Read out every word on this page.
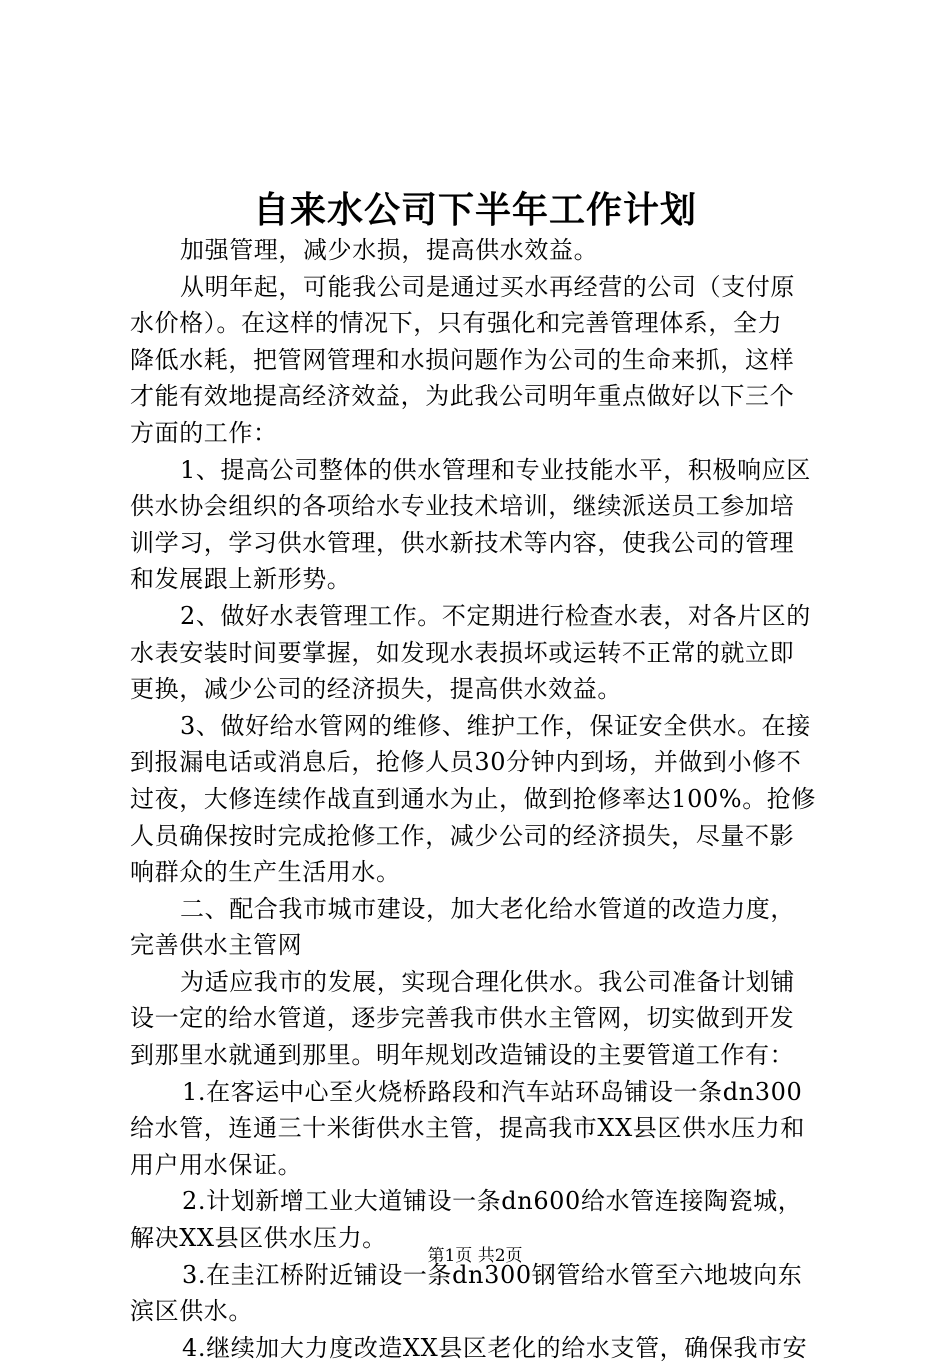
自来水公司下半年工作计划
加强管理，减少水损，提高供水效益。
从明年起，可能我公司是通过买水再经营的公司（支付原
水价格）。在这样的情况下，只有强化和完善管理体系，全力
降低水耗，把管网管理和水损问题作为公司的生命来抓，这样
才能有效地提高经济效益，为此我公司明年重点做好以下三个
方面的工作：
1、提高公司整体的供水管理和专业技能水平，积极响应区
供水协会组织的各项给水专业技术培训，继续派送员工参加培
训学习，学习供水管理，供水新技术等内容，使我公司的管理
和发展跟上新形势。
2、做好水表管理工作。不定期进行检查水表，对各片区的
水表安装时间要掌握，如发现水表损坏或运转不正常的就立即
更换，减少公司的经济损失，提高供水效益。
3、做好给水管网的维修、维护工作，保证安全供水。在接
到报漏电话或消息后，抢修人员30分钟内到场，并做到小修不
过夜，大修连续作战直到通水为止，做到抢修率达100%。抢修
人员确保按时完成抢修工作，减少公司的经济损失，尽量不影
响群众的生产生活用水。
二、配合我市城市建设，加大老化给水管道的改造力度，
完善供水主管网
为适应我市的发展，实现合理化供水。我公司准备计划铺
设一定的给水管道，逐步完善我市供水主管网，切实做到开发
到那里水就通到那里。明年规划改造铺设的主要管道工作有：
1.在客运中心至火烧桥路段和汽车站环岛铺设一条dn300
给水管，连通三十米街供水主管，提高我市XX县区供水压力和
用户用水保证。
2.计划新增工业大道铺设一条dn600给水管连接陶瓷城，
解决XX县区供水压力。
3.在圭江桥附近铺设一条dn300钢管给水管至六地坡向东
滨区供水。
4.继续加大力度改造XX县区老化的给水支管，确保我市安
第1页 共2页
